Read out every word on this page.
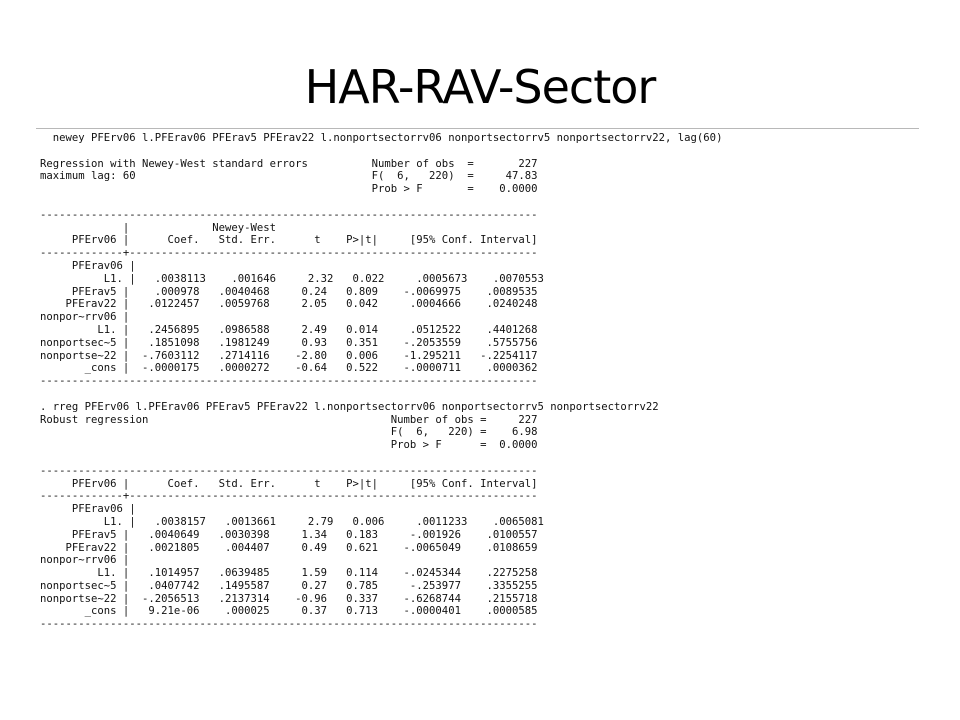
HAR-RAV-Sector
newey PFErv06 l.PFErav06 PFErav5 PFErav22 l.nonportsectorrv06 nonportsectorrv5 nonportsectorrv22, lag(60)

Regression with Newey-West standard errors          Number of obs  =       227
maximum lag: 60                                     F(  6,   220)  =     47.83
Prob > F       =    0.0000

------------------------------------------------------------------------------
|             Newey-West
PFErv06 |      Coef.   Std. Err.      t    P>|t|     [95% Conf. Interval]
-------------+----------------------------------------------------------------
PFErav06 |
L1. |   .0038113    .001646     2.32   0.022     .0005673    .0070553
PFErav5 |    .000978   .0040468     0.24   0.809    -.0069975    .0089535
PFErav22 |   .0122457   .0059768     2.05   0.042     .0004666    .0240248
nonpor~rrv06 |
L1. |   .2456895   .0986588     2.49   0.014     .0512522    .4401268
nonportsec~5 |   .1851098   .1981249     0.93   0.351    -.2053559    .5755756
nonportse~22 |  -.7603112   .2714116    -2.80   0.006    -1.295211   -.2254117
_cons |  -.0000175   .0000272    -0.64   0.522    -.0000711    .0000362
------------------------------------------------------------------------------

. rreg PFErv06 l.PFErav06 PFErav5 PFErav22 l.nonportsectorrv06 nonportsectorrv5 nonportsectorrv22
Robust regression                                      Number of obs =     227
F(  6,   220) =    6.98
Prob > F      =  0.0000

------------------------------------------------------------------------------
PFErv06 |      Coef.   Std. Err.      t    P>|t|     [95% Conf. Interval]
-------------+----------------------------------------------------------------
PFErav06 |
L1. |   .0038157   .0013661     2.79   0.006     .0011233    .0065081
PFErav5 |   .0040649   .0030398     1.34   0.183     -.001926    .0100557
PFErav22 |   .0021805    .004407     0.49   0.621    -.0065049    .0108659
nonpor~rrv06 |
L1. |   .1014957   .0639485     1.59   0.114    -.0245344    .2275258
nonportsec~5 |   .0407742   .1495587     0.27   0.785     -.253977    .3355255
nonportse~22 |  -.2056513   .2137314    -0.96   0.337    -.6268744    .2155718
_cons |   9.21e-06    .000025     0.37   0.713    -.0000401    .0000585
------------------------------------------------------------------------------
